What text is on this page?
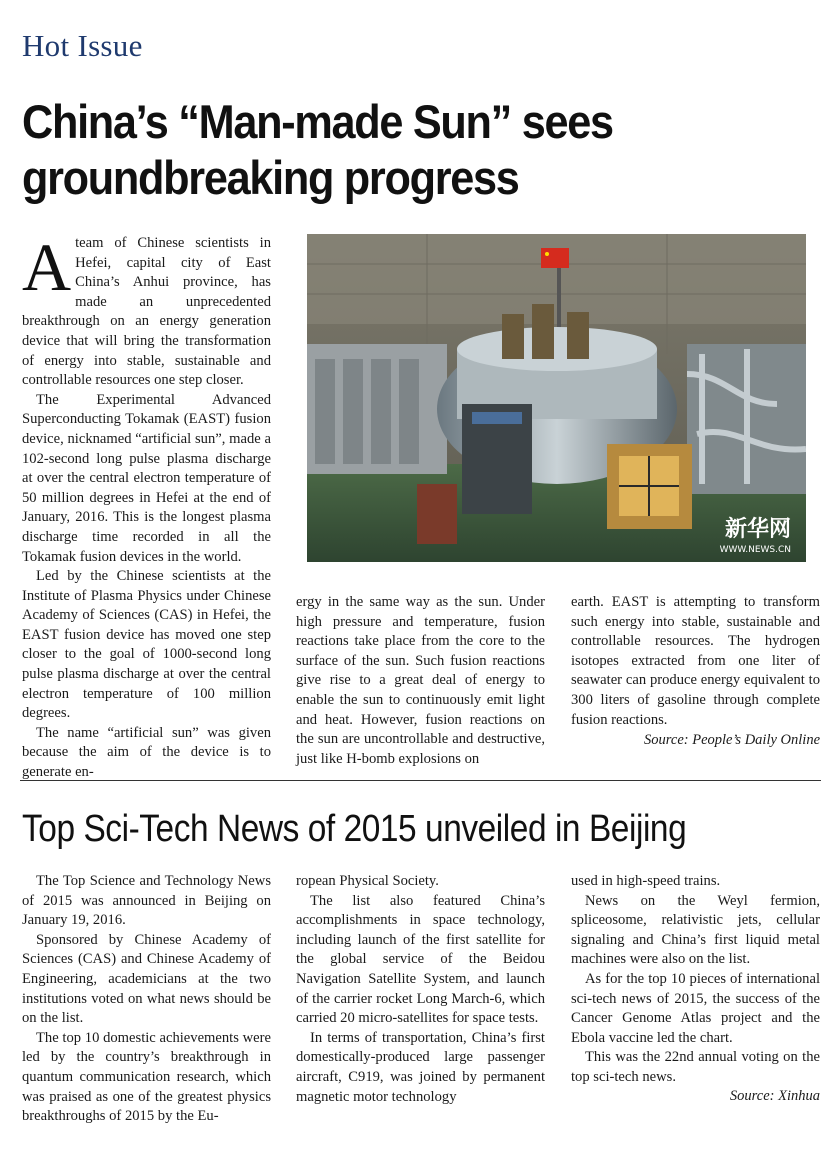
Hot Issue
China’s “Man-made Sun” sees
groundbreaking progress

Ateam of Chinese scientists in Hefei, capital city of East China’s Anhui province, has made an unprecedented breakthrough on an energy generation device that will bring the transformation of energy into stable, sustainable and controllable resources one step closer.

The Experimental Advanced Superconducting Tokamak (EAST) fusion device, nicknamed “artificial sun”, made a 102-second long pulse plasma discharge at over the central electron temperature of 50 million degrees in Hefei at the end of January, 2016. This is the longest plasma discharge time recorded in all the Tokamak fusion devices in the world.

Led by the Chinese scientists at the Institute of Plasma Physics under Chinese Academy of Sciences (CAS) in Hefei, the EAST fusion device has moved one step closer to the goal of 1000-second long pulse plasma discharge at over the central electron temperature of 100 million degrees.

The name “artificial sun” was given because the aim of the device is to generate en-

新华网
WWW.NEWS.CN

ergy in the same way as the sun. Under high pressure and temperature, fusion reactions take place from the core to the surface of the sun. Such fusion reactions give rise to a great deal of energy to enable the sun to continuously emit light and heat. However, fusion reactions on the sun are uncontrollable and destructive, just like H-bomb explosions on

earth. EAST is attempting to transform such energy into stable, sustainable and controllable resources. The hydrogen isotopes extracted from one liter of seawater can produce energy equivalent to 300 liters of gasoline through complete fusion reactions.

Source: People’s Daily Online
Top Sci-Tech News of 2015 unveiled in Beijing

The Top Science and Technology News of 2015 was announced in Beijing on January 19, 2016.

Sponsored by Chinese Academy of Sciences (CAS) and Chinese Academy of Engineering, academicians at the two institutions voted on what news should be on the list.

The top 10 domestic achievements were led by the country’s breakthrough in quantum communication research, which was praised as one of the greatest physics breakthroughs of 2015 by the Eu-

ropean Physical Society.

The list also featured China’s accomplishments in space technology, including launch of the first satellite for the global service of the Beidou Navigation Satellite System, and launch of the carrier rocket Long March-6, which carried 20 micro-satellites for space tests.

In terms of transportation, China’s first domestically-produced large passenger aircraft, C919, was joined by permanent magnetic motor technology

used in high-speed trains.

News on the Weyl fermion, spliceosome, relativistic jets, cellular signaling and China’s first liquid metal machines were also on the list.

As for the top 10 pieces of international sci-tech news of 2015, the success of the Cancer Genome Atlas project and the Ebola vaccine led the chart.

This was the 22nd annual voting on the top sci-tech news.

Source: Xinhua
